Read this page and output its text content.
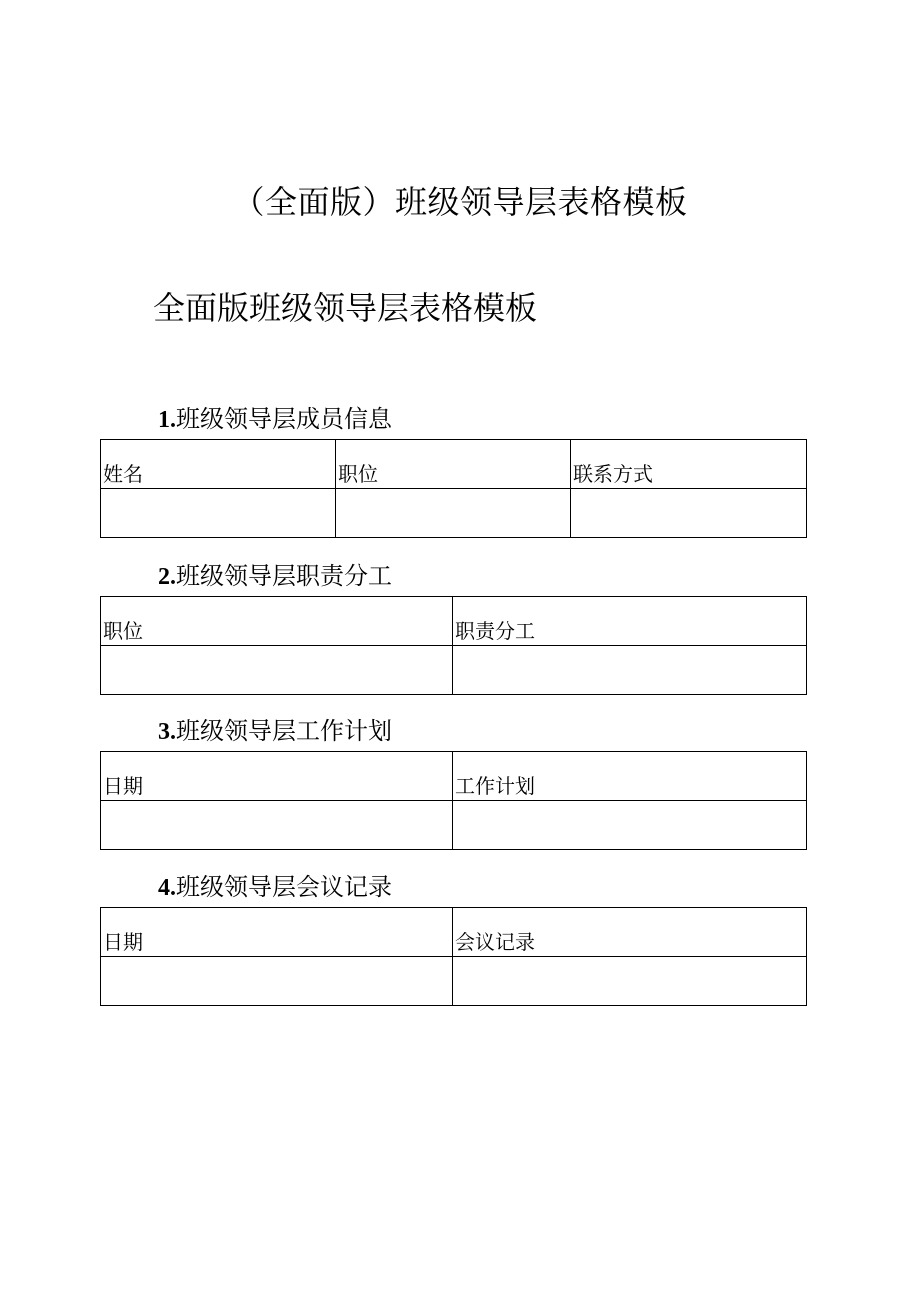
（全面版）班级领导层表格模板
全面版班级领导层表格模板
1.班级领导层成员信息
姓名	职位	联系方式

2.班级领导层职责分工
职位	职责分工

3.班级领导层工作计划
日期	工作计划

4.班级领导层会议记录
日期	会议记录
